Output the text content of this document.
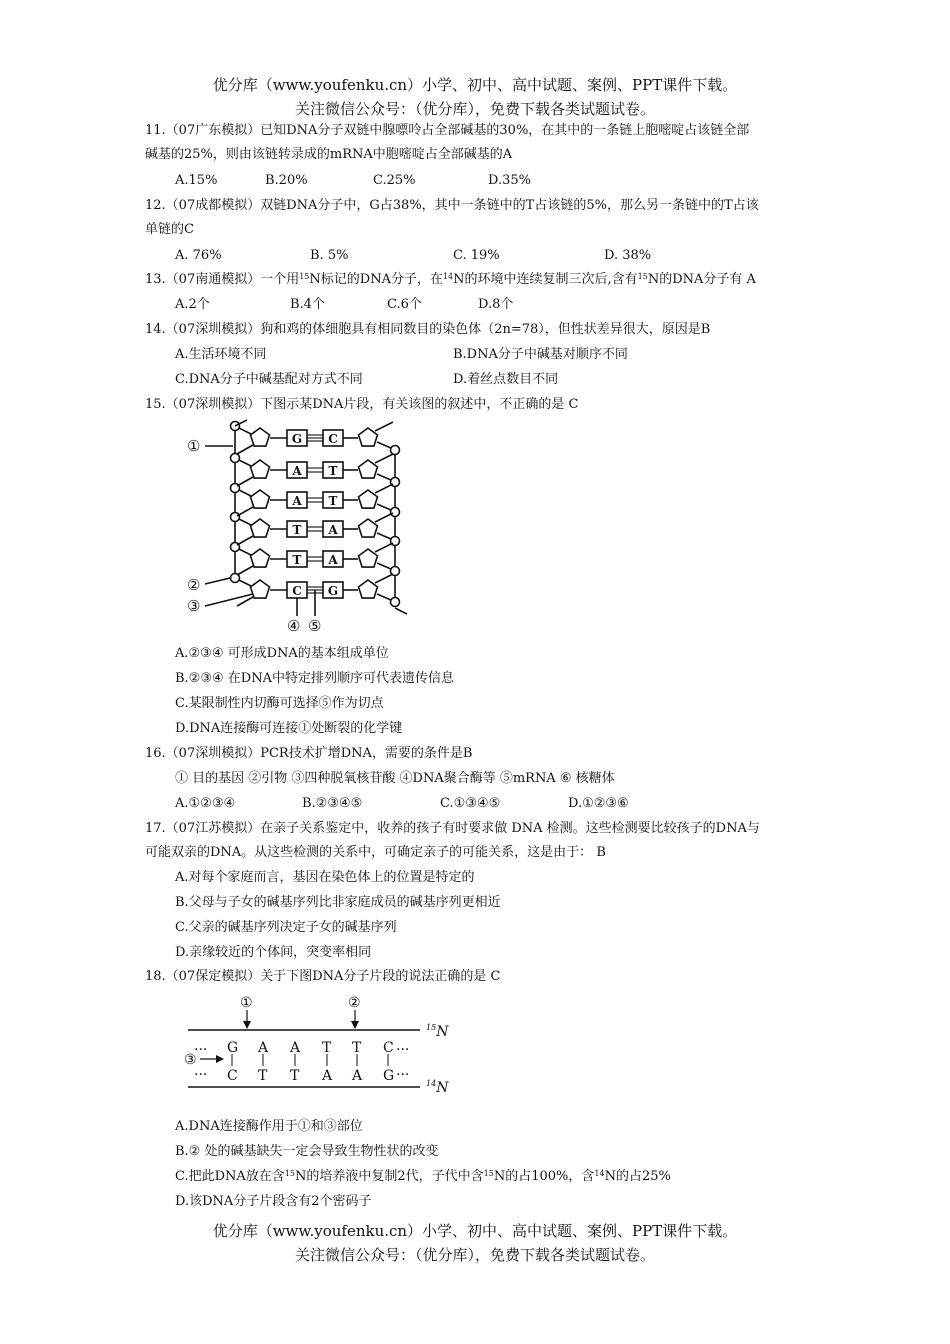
优分库（www.youfenku.cn）小学、初中、高中试题、案例、PPT课件下载。
关注微信公众号：（优分库），免费下载各类试题试卷。
11.（07广东模拟）已知DNA分子双链中腺嘌呤占全部碱基的30%，在其中的一条链上胞嘧啶占该链全部
碱基的25%，则由该链转录成的mRNA中胞嘧啶占全部碱基的A
A.15%	B.20%	C.25%	D.35%
12.（07成都模拟）双链DNA分子中，G占38%，其中一条链中的T占该链的5%，那么另一条链中的T占该
单链的C
A. 76%	B. 5%	C. 19%	D. 38%
13.（07南通模拟）一个用$^{15}$N标记的DNA分子，在$^{14}$N的环境中连续复制三次后,含有$^{15}$N的DNA分子有 A
A.2个	B.4个	C.6个	D.8个
14.（07深圳模拟）狗和鸡的体细胞具有相同数目的染色体（2n=78），但性状差异很大，原因是B
A.生活环境不同	B.DNA分子中碱基对顺序不同
C.DNA分子中碱基配对方式不同	D.着丝点数目不同
15.（07深圳模拟）下图示某DNA片段，有关该图的叙述中，不正确的是 C
G C
A T
A T
T A
T A
C G
①
②
③
④ ⑤
A.②③④ 可形成DNA的基本组成单位
B.②③④ 在DNA中特定排列顺序可代表遗传信息
C.某限制性内切酶可选择⑤作为切点
D.DNA连接酶可连接①处断裂的化学键
16.（07深圳模拟）PCR技术扩增DNA，需要的条件是B
① 目的基因 ②引物 ③四种脱氧核苷酸 ④DNA聚合酶等 ⑤mRNA ⑥ 核糖体
A.①②③④	B.②③④⑤	C.①③④⑤	D.①②③⑥
17.（07江苏模拟）在亲子关系鉴定中，收养的孩子有时要求做 DNA 检测。这些检测要比较孩子的DNA与
可能双亲的DNA。从这些检测的关系中，可确定亲子的可能关系，这是由于： B
A.对每个家庭而言，基因在染色体上的位置是特定的
B.父母与子女的碱基序列比非家庭成员的碱基序列更相近
C.父亲的碱基序列决定子女的碱基序列
D.亲缘较近的个体间，突变率相同
18.（07保定模拟）关于下图DNA分子片段的说法正确的是 C
①	②
③
···	···
···	···
G
C
A
T
A
T
T
A
T
A
C
G
$^{15}$N
$^{14}$N
A.DNA连接酶作用于①和③部位
B.② 处的碱基缺失一定会导致生物性状的改变
C.把此DNA放在含$^{15}$N的培养液中复制2代，子代中含$^{15}$N的占100%，含$^{14}$N的占25%
D.该DNA分子片段含有2个密码子
优分库（www.youfenku.cn）小学、初中、高中试题、案例、PPT课件下载。
关注微信公众号：（优分库），免费下载各类试题试卷。
